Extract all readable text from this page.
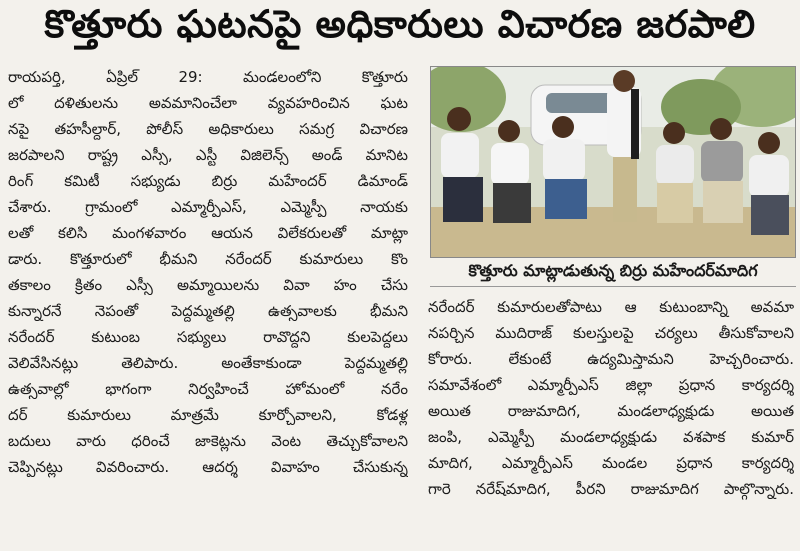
కొత్తూరు ఘటనపై అధికారులు విచారణ జరపాలి
రాయపర్తి, ఏప్రిల్ 29: మండలంలోని కొత్తూరు
లో దళితులను అవమానించేలా వ్యవహరించిన ఘట
నపై తహసీల్దార్, పోలీస్ అధికారులు సమగ్ర విచారణ
జరపాలని రాష్ట్ర ఎస్సీ, ఎస్టీ విజిలెన్స్ అండ్ మానిట
రింగ్ కమిటీ సభ్యుడు బిర్రు మహేందర్ డిమాండ్
చేశారు. గ్రామంలో ఎమ్మార్పీఎస్, ఎమ్మెస్పీ నాయకు
లతో కలిసి మంగళవారం ఆయన విలేకరులతో మాట్లా
డారు. కొత్తూరులో భీమని నరేందర్ కుమారులు కొం
తకాలం క్రితం ఎస్సీ అమ్మాయిలను వివా హం చేసు
కున్నారనే నెపంతో పెద్దమ్మతల్లి ఉత్సవాలకు భీమని
నరేందర్ కుటుంబ సభ్యులు రావొద్దని కులపెద్దలు
వెలివేసినట్లు తెలిపారు. అంతేకాకుండా పెద్దమ్మతల్లి
ఉత్సవాల్లో భాగంగా నిర్వహించే హోమంలో నరేం
దర్ కుమారులు మాత్రమే కూర్చోవాలని, కోడళ్ల
బదులు వారు ధరించే జాకెట్లను వెంట తెచ్చుకోవాలని
చెప్పినట్లు వివరించారు. ఆదర్శ వివాహం చేసుకున్న
కొత్తూరు మాట్లాడుతున్న బిర్రు మహేందర్‌మాదిగ
నరేందర్ కుమారులతోపాటు ఆ కుటుంబాన్ని అవమా
నపర్చిన ముదిరాజ్ కులస్తులపై చర్యలు తీసుకోవాలని
కోరారు. లేకుంటే ఉద్యమిస్తామని హెచ్చరించారు.
సమావేశంలో ఎమ్మార్పీఎస్ జిల్లా ప్రధాన కార్యదర్శి
అయిత రాజుమాదిగ, మండలాధ్యక్షుడు అయిత
జంపి, ఎమ్మెస్పీ మండలాధ్యక్షుడు వశపాక కుమార్
మాదిగ, ఎమ్మార్పీఎస్ మండల ప్రధాన కార్యదర్శి
గారె నరేష్‌మాదిగ, పీరని రాజుమాదిగ పాల్గొన్నారు.
